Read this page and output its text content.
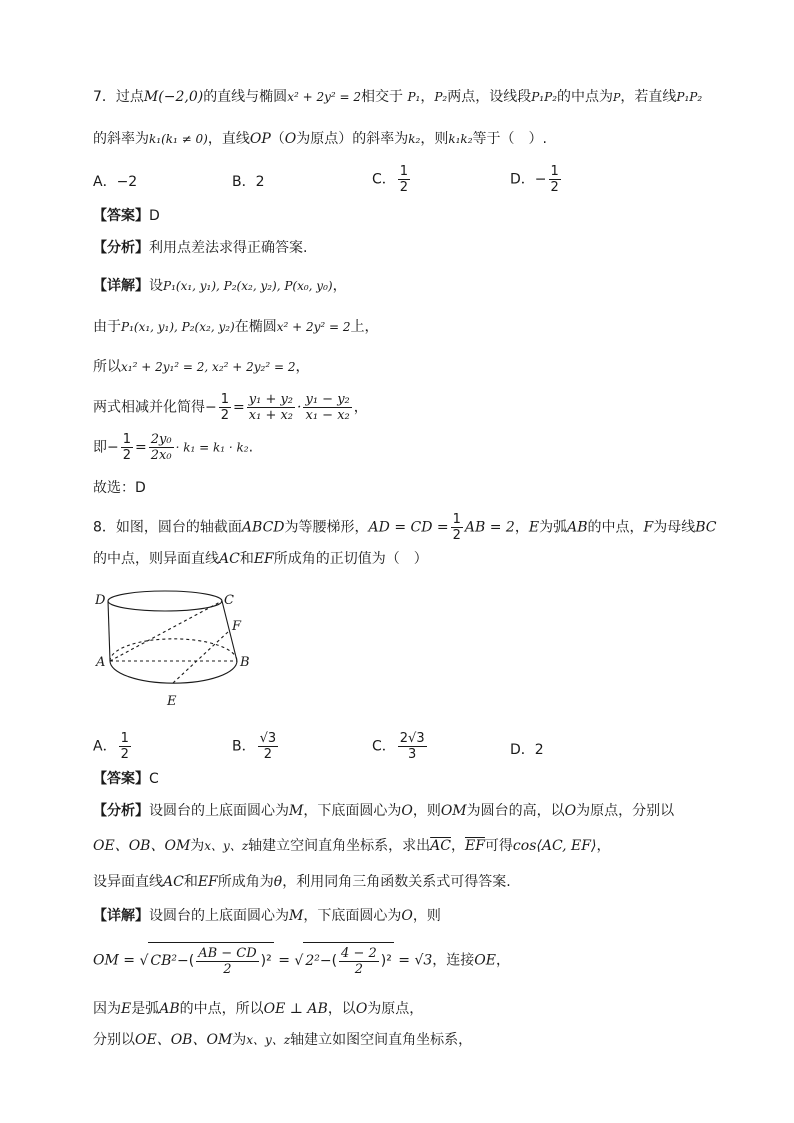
7．过点M(−2,0)的直线与椭圆x² + 2y² = 2相交于 P₁，P₂两点，设线段P₁P₂的中点为P，若直线P₁P₂
的斜率为k₁(k₁ ≠ 0)，直线OP（O为原点）的斜率为k₂，则k₁k₂等于（　）.
A．−2	B．2	C． $\frac{1}{2}$	D．− $\frac{1}{2}$
【答案】D
【分析】利用点差法求得正确答案.
【详解】设P₁(x₁, y₁), P₂(x₂, y₂), P(x₀, y₀)，
由于P₁(x₁, y₁), P₂(x₂, y₂)在椭圆x² + 2y² = 2上，
所以x₁² + 2y₁² = 2, x₂² + 2y₂² = 2，
两式相减并化简得− $\frac{1}{2} = \frac{\text{y₁ + y₂}}{\text{x₁ + x₂}} \cdot \frac{\text{y₁ − y₂}}{\text{x₁ − x₂}}$ ，
即− $\frac{1}{2} = \frac{\text{2y₀}}{\text{2x₀}} \cdot k_1 = k_1 \cdot k_2$.
故选：D
8．如图，圆台的轴截面ABCD为等腰梯形，AD = CD = $\frac{1}{2}$ AB = 2，E为弧AB的中点，F为母线BC
的中点，则异面直线AC和EF所成角的正切值为（　）
D	C
F
A	B
E
A． $\frac{1}{2}$	B． $\frac{√3}{2}$	C． $\frac{2√3}{3}$	D．2
【答案】C
【分析】设圆台的上底面圆心为M，下底面圆心为O，则OM为圆台的高，以O为原点，分别以
OE、OB、OM为x、y、z轴建立空间直角坐标系，求出$\overline{AC}$，$\overline{EF}$可得cos⟨AC, EF⟩，
设异面直线AC和EF所成角为θ，利用同角三角函数关系式可得答案.
【详解】设圆台的上底面圆心为M，下底面圆心为O，则
OM = √ $CB^2-( \frac{AB - CD}{2} )^2$ = √ $2^2-( \frac{4 - 2}{2} )^2 = √3$，连接OE，
因为E是弧AB的中点，所以OE ⊥ AB，以O为原点，
分别以OE、OB、OM为x、y、z轴建立如图空间直角坐标系，
